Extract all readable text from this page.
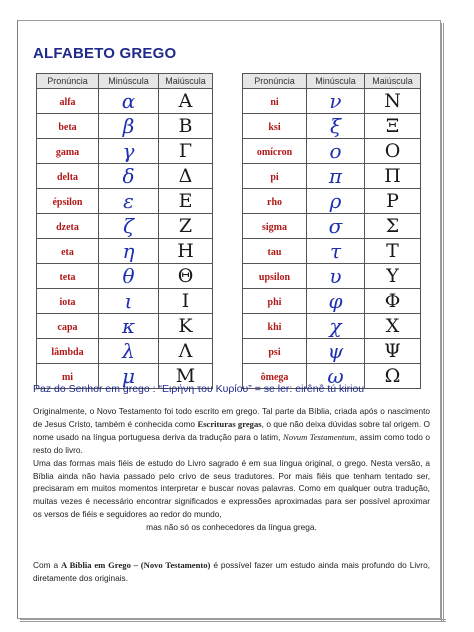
ALFABETO GREGO
Pronúncia	Minúscula	Maiúscula
alfa	α	Α
beta	β	Β
gama	γ	Γ
delta	δ	Δ
épsilon	ε	Ε
dzeta	ζ	Ζ
eta	η	Η
teta	θ	Θ
iota	ι	Ι
capa	κ	Κ
lâmbda	λ	Λ
mi	μ	Μ
Pronúncia	Minúscula	Maiúscula
ni	ν	Ν
ksi	ξ	Ξ
omícron	ο	Ο
pi	π	Π
rho	ρ	Ρ
sigma	σ	Σ
tau	τ	Τ
upsilon	υ	Υ
phi	φ	Φ
khi	χ	Χ
psi	ψ	Ψ
ômega	ω	Ω
Paz do Senhor em grego : “Ειρήνη του Κυρίου” = se ler: eirênê tú kiriou

Originalmente, o Novo Testamento foi todo escrito em grego. Tal parte da Bíblia, criada após o nascimento de Jesus Cristo, também é conhecida como Escrituras gregas, o que não deixa dúvidas sobre tal origem. O nome usado na língua portuguesa deriva da tradução para o latim, Novum Testamentum, assim como todo o resto do livro.

Uma das formas mais fiéis de estudo do Livro sagrado é em sua língua original, o grego. Nesta versão, a Bíblia ainda não havia passado pelo crivo de seus tradutores. Por mais fiéis que tenham tentado ser, precisaram em muitos momentos interpretar e buscar novas palavras. Como em qualquer outra tradução, muitas vezes é necessário encontrar significados e expressões aproximadas para ser possível aproximar os versos de fiéis e seguidores ao redor do mundo,

mas não só os conhecedores da língua grega.

Com a A Bíblia em Grego – (Novo Testamento) é possível fazer um estudo ainda mais profundo do Livro, diretamente dos originais.
